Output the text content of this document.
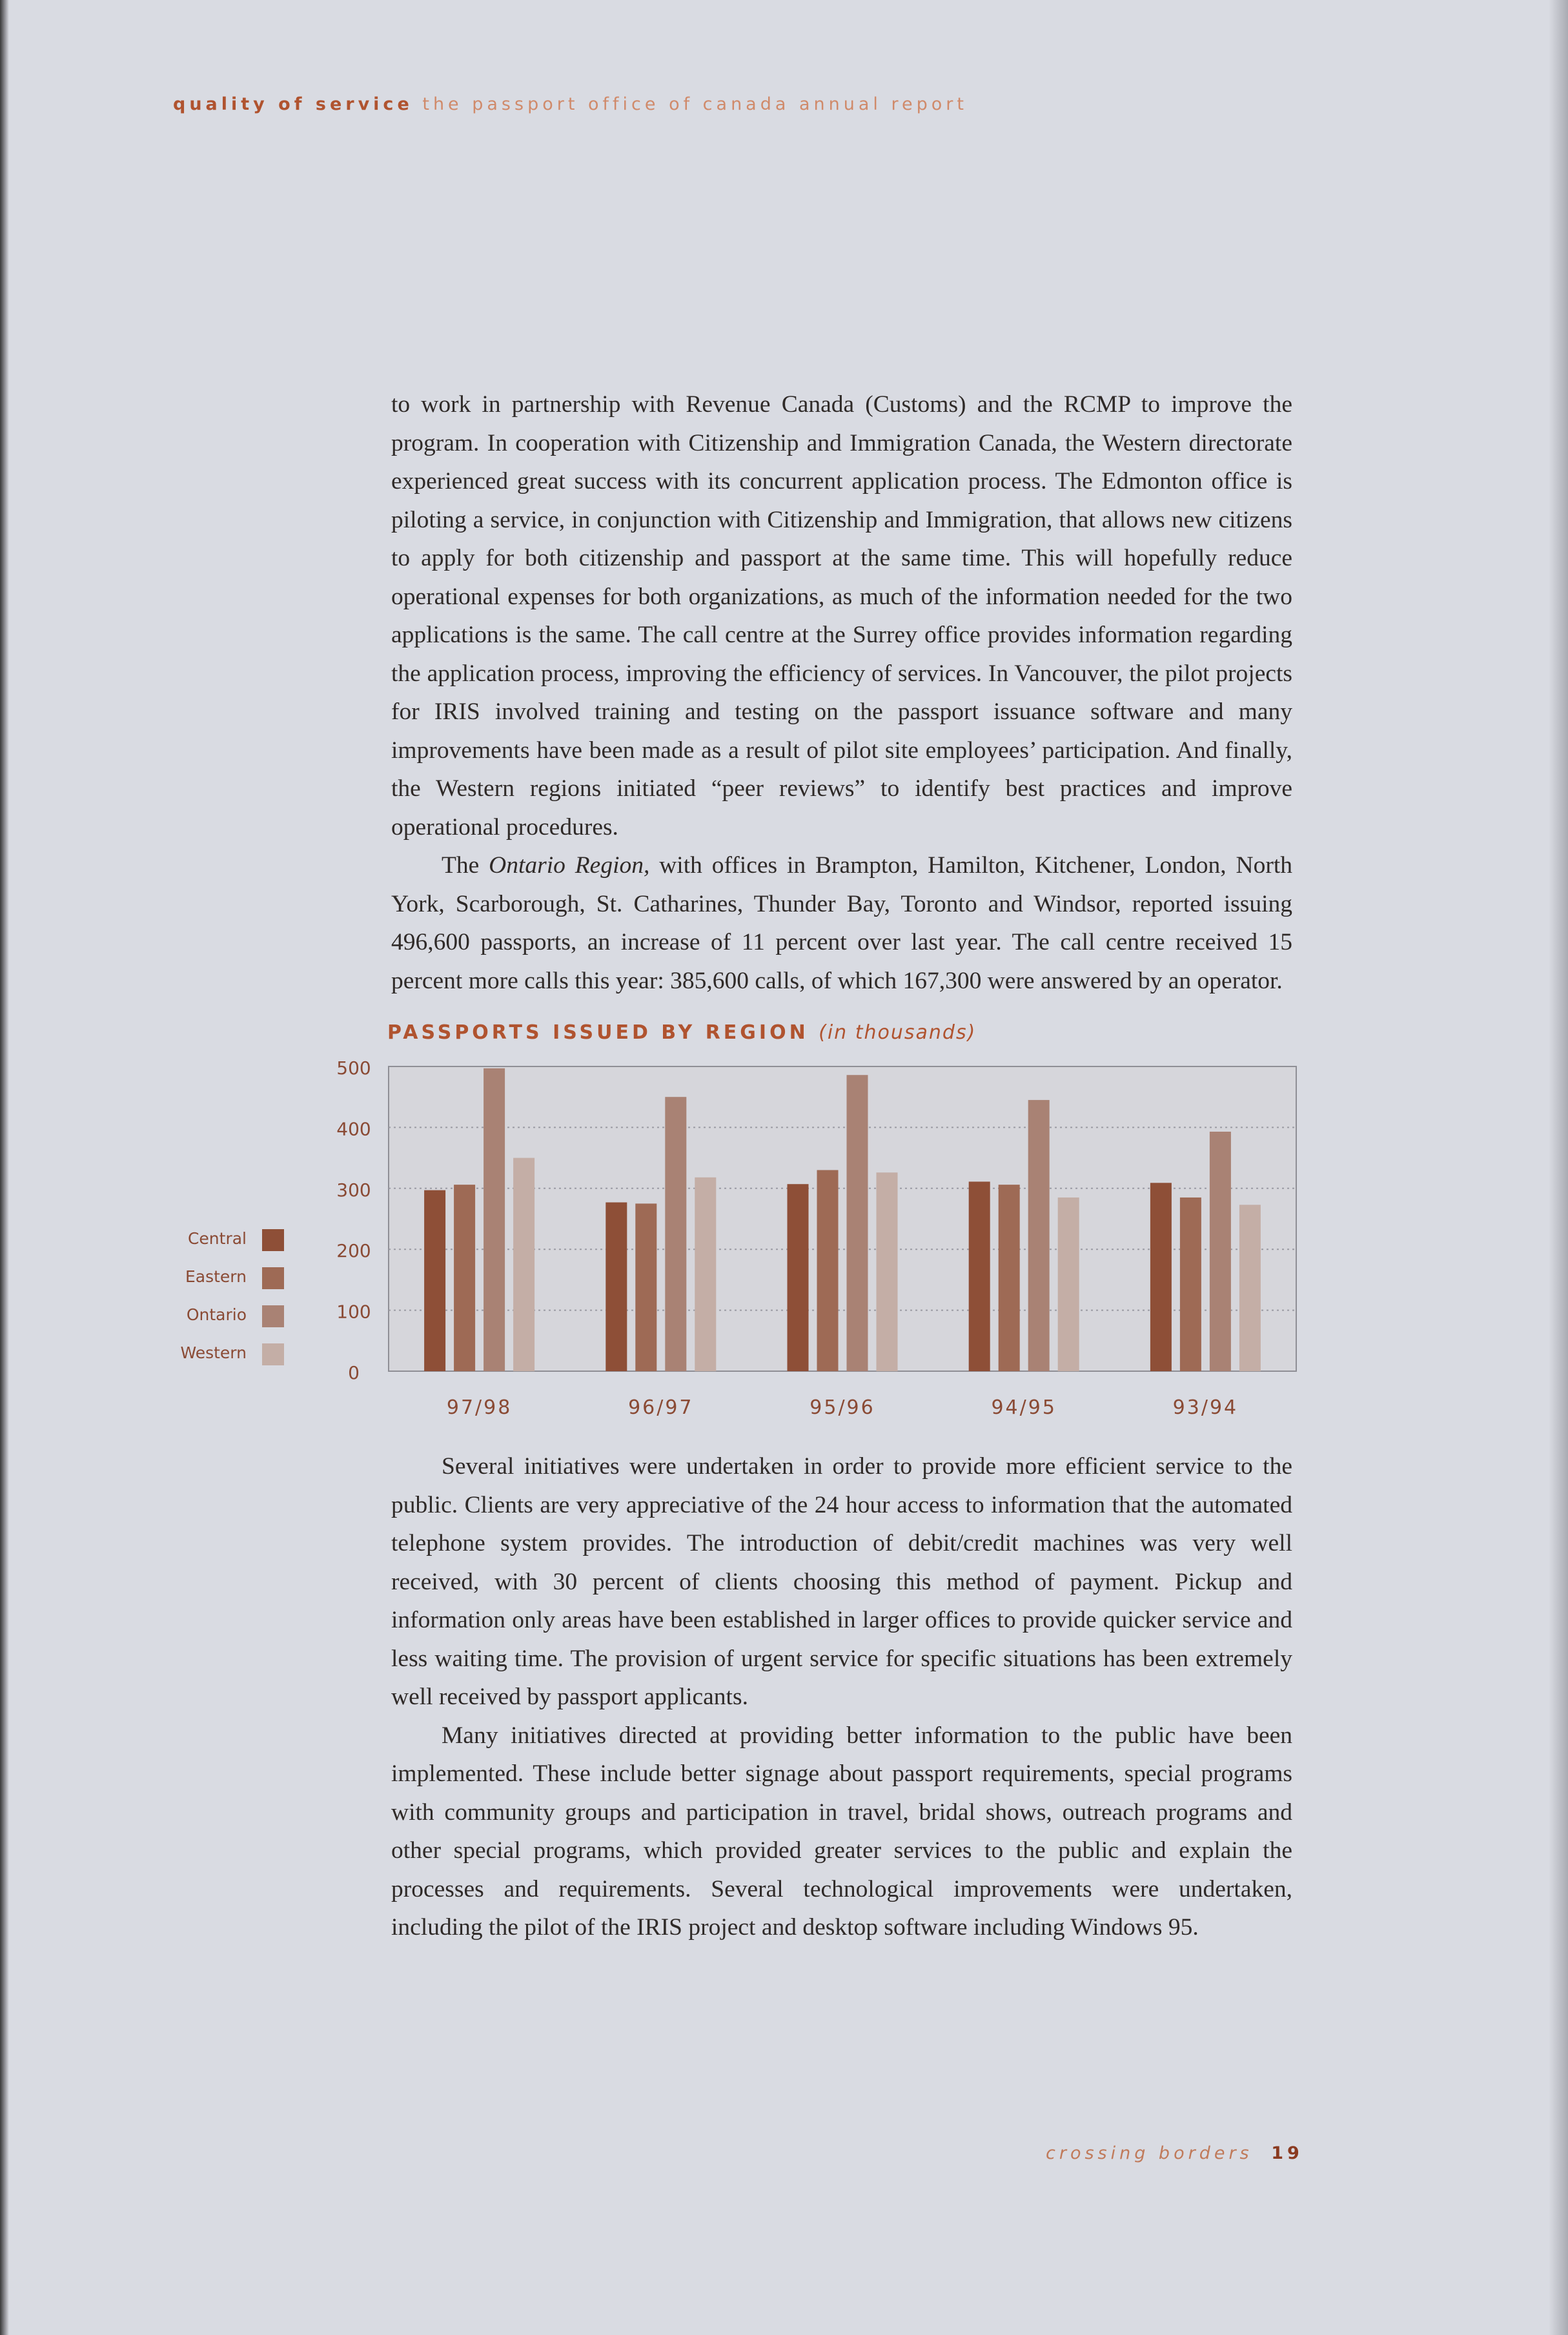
quality of service the passport office of canada annual report

to work in partnership with Revenue Canada (Customs) and the RCMP to improve the program. In cooperation with Citizenship and Immigration Canada, the Western directorate experienced great success with its concurrent application process. The Edmonton office is piloting a service, in conjunction with Citizenship and Immigration, that allows new citizens to apply for both citizenship and passport at the same time. This will hopefully reduce operational expenses for both organizations, as much of the information needed for the two applications is the same. The call centre at the Surrey office provides information regarding the application process, improving the efficiency of services. In Vancouver, the pilot projects for IRIS involved training and testing on the passport issuance software and many improvements have been made as a result of pilot site employees’ participation. And finally, the Western regions initiated “peer reviews” to identify best practices and improve operational procedures.

The Ontario Region, with offices in Brampton, Hamilton, Kitchener, London, North York, Scarborough, St. Catharines, Thunder Bay, Toronto and Windsor, reported issuing 496,600 passports, an increase of 11 percent over last year. The call centre received 15 percent more calls this year: 385,600 calls, of which 167,300 were answered by an operator.

PASSPORTS ISSUED BY REGION (in thousands)
Central
Eastern
Ontario
Western
0
100
200
300
400
500
97/98	96/97	95/96	94/95	93/94

Several initiatives were undertaken in order to provide more efficient service to the public. Clients are very appreciative of the 24 hour access to information that the automated telephone system provides. The introduction of debit/credit machines was very well received, with 30 percent of clients choosing this method of payment. Pickup and information only areas have been established in larger offices to provide quicker service and less waiting time. The provision of urgent service for specific situations has been extremely well received by passport applicants.

Many initiatives directed at providing better information to the public have been implemented. These include better signage about passport requirements, special programs with community groups and participation in travel, bridal shows, outreach programs and other special programs, which provided greater services to the public and explain the processes and requirements. Several technological improvements were undertaken, including the pilot of the IRIS project and desktop software including Windows 95.

crossing borders 19
